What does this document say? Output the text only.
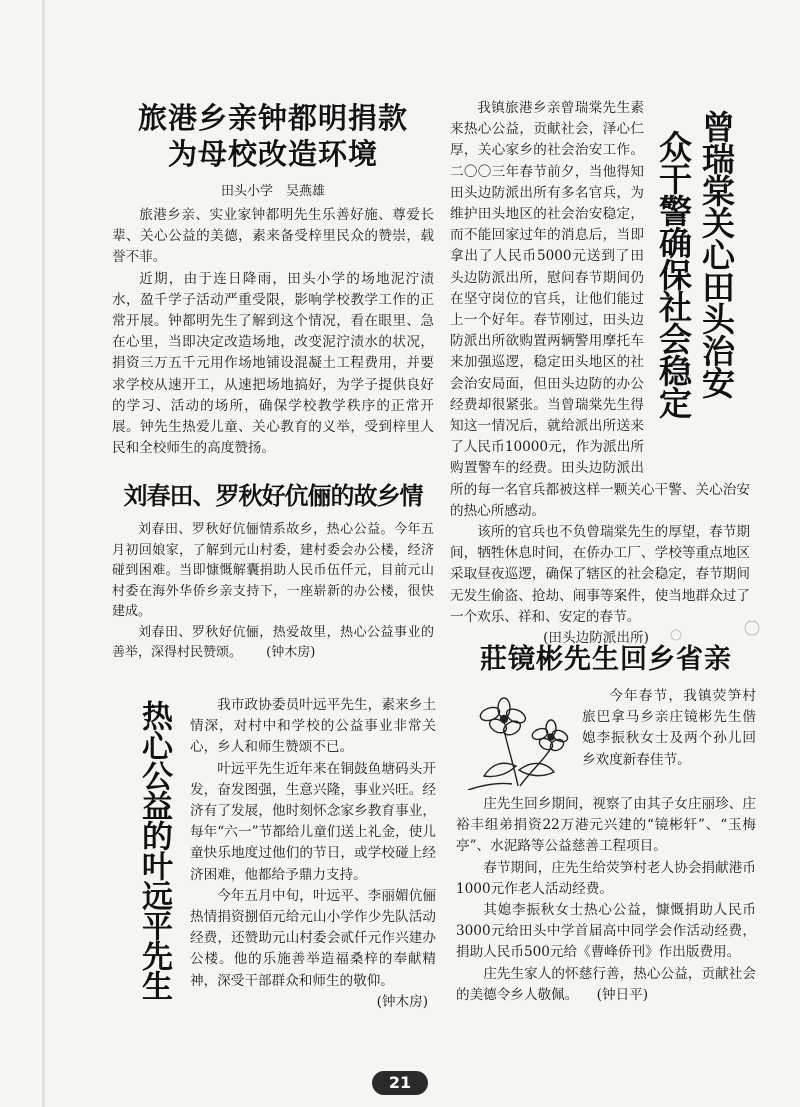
旅港乡亲钟都明捐款

为母校改造环境

田头小学　吴燕雄

旅港乡亲、实业家钟都明先生乐善好施、尊爱长辈、关心公益的美德，素来备受梓里民众的赞崇，载誉不菲。

近期，由于连日降雨，田头小学的场地泥泞渍水，盈千学子活动严重受限，影响学校教学工作的正常开展。钟都明先生了解到这个情况，看在眼里、急在心里，当即决定改造场地，改变泥泞渍水的状况，捐资三万五千元用作场地铺设混凝土工程费用，并要求学校从速开工，从速把场地搞好，为学子提供良好的学习、活动的场所，确保学校教学秩序的正常开展。钟先生热爱儿童、关心教育的义举，受到梓里人民和全校师生的高度赞扬。

刘春田、罗秋好伉俪的故乡情

刘春田、罗秋好伉俪情系故乡，热心公益。今年五月初回娘家，了解到元山村委，建村委会办公楼，经济碰到困难。当即慷慨解囊捐助人民币伍仟元，目前元山村委在海外华侨乡亲支持下，一座崭新的办公楼，很快建成。

刘春田、罗秋好伉俪，热爱故里，热心公益事业的善举，深得村民赞颂。 (钟木房)

热心公益的叶远平先生	我市政协委员叶远平先生，素来乡土情深，对村中和学校的公益事业非常关心，乡人和师生赞颂不已。

叶远平先生近年来在铜鼓鱼塘码头开发，奋发图强，生意兴隆，事业兴旺。经济有了发展，他时刻怀念家乡教育事业，每年“六一”节都给儿童们送上礼金，使儿童快乐地度过他们的节日，或学校碰上经济困难，他都给予鼎力支持。

今年五月中旬，叶远平、李丽媚伉俪热情捐资捌佰元给元山小学作少先队活动经费，还赞助元山村委会贰仟元作兴建办公楼。他的乐施善举造福桑梓的奉献精神，深受干部群众和师生的敬仰。

(钟木房)

曾瑞棠关心田头治安
众干警确保社会稳定

我镇旅港乡亲曾瑞棠先生素来热心公益，贡献社会，泽心仁厚，关心家乡的社会治安工作。二〇〇三年春节前夕，当他得知田头边防派出所有多名官兵，为维护田头地区的社会治安稳定，而不能回家过年的消息后，当即拿出了人民币5000元送到了田头边防派出所，慰问春节期间仍在坚守岗位的官兵，让他们能过上一个好年。春节刚过，田头边防派出所欲购置两辆警用摩托车来加强巡逻，稳定田头地区的社会治安局面，但田头边防的办公经费却很紧张。当曾瑞棠先生得知这一情况后，就给派出所送来了人民币10000元，作为派出所购置警车的经费。田头边防派出所的每一名官兵都被这样一颗关心干警、关心治安的热心所感动。

该所的官兵也不负曾瑞棠先生的厚望，春节期间，牺牲休息时间，在侨办工厂、学校等重点地区采取昼夜巡逻，确保了辖区的社会稳定，春节期间无发生偷盗、抢劫、闹事等案件，使当地群众过了一个欢乐、祥和、安定的春节。

(田头边防派出所)

莊镜彬先生回乡省亲

今年春节，我镇荧笋村旅巴拿马乡亲庄镜彬先生偕媳李振秋女士及两个孙儿回乡欢度新春佳节。

庄先生回乡期间，视察了由其子女庄丽珍、庄裕丰组弟捐资22万港元兴建的“镜彬轩”、“玉梅亭”、水泥路等公益慈善工程项目。

春节期间，庄先生给荧笋村老人协会捐献港币1000元作老人活动经费。

其媳李振秋女士热心公益，慷慨捐助人民币3000元给田头中学首届高中同学会作活动经费，捐助人民币500元给《曹峰侨刊》作出版费用。

庄先生家人的怀慈行善，热心公益，贡献社会的美德令乡人敬佩。 (钟日平)

21
